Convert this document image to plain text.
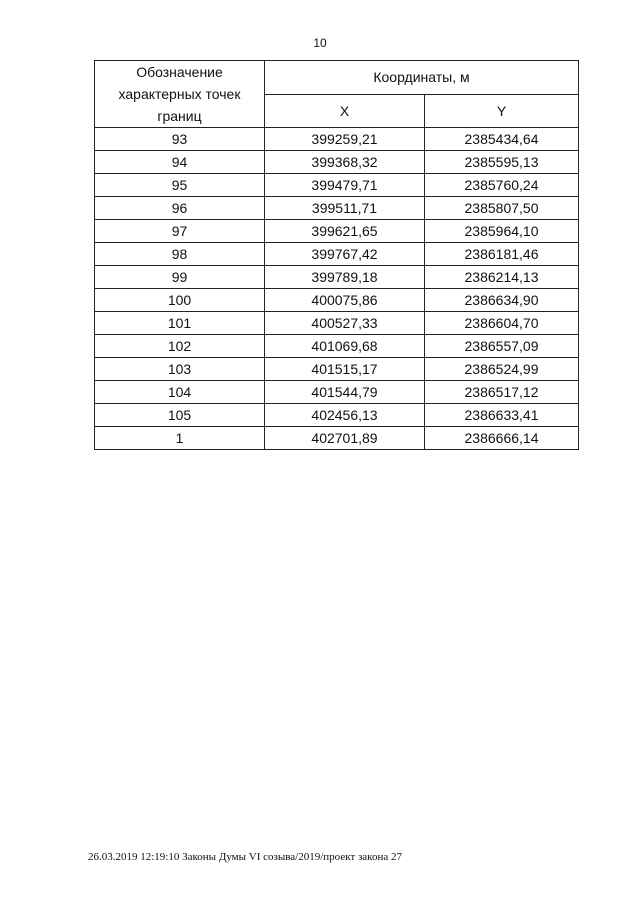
10
Обозначение характерных точек границ	Координаты, м	
	X	Y
93	399259,21	2385434,64
94	399368,32	2385595,13
95	399479,71	2385760,24
96	399511,71	2385807,50
97	399621,65	2385964,10
98	399767,42	2386181,46
99	399789,18	2386214,13
100	400075,86	2386634,90
101	400527,33	2386604,70
102	401069,68	2386557,09
103	401515,17	2386524,99
104	401544,79	2386517,12
105	402456,13	2386633,41
1	402701,89	2386666,14
26.03.2019 12:19:10 Законы Думы VI созыва/2019/проект закона 27
